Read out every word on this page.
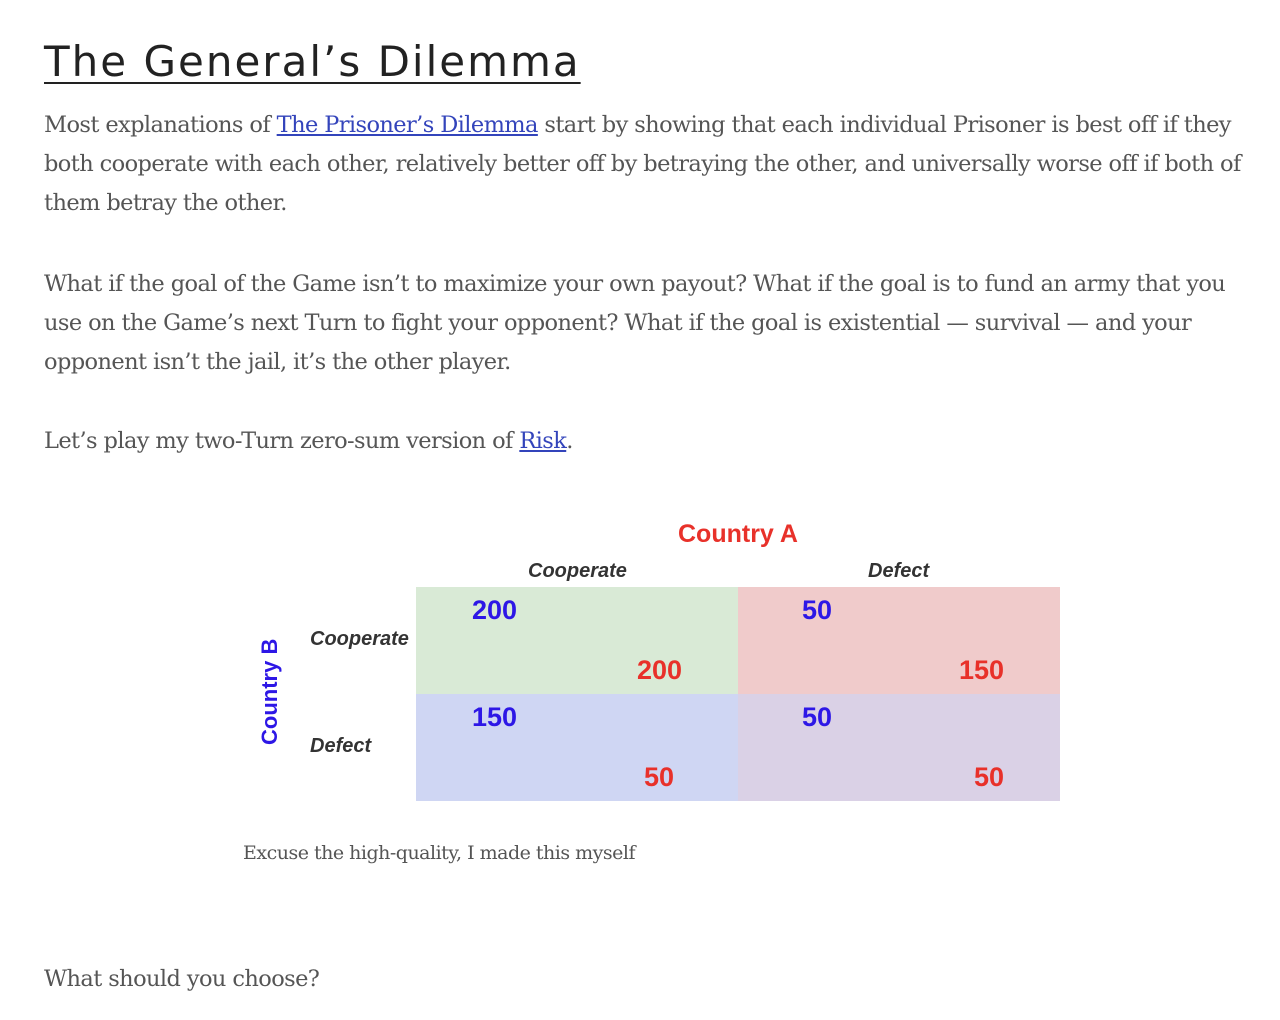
The General’s Dilemma

Most explanations of The Prisoner’s Dilemma start by showing that each individual Prisoner is best off if they both cooperate with each other, relatively better off by betraying the other, and universally worse off if both of them betray the other.

What if the goal of the Game isn’t to maximize your own payout? What if the goal is to fund an army that you use on the Game’s next Turn to fight your opponent? What if the goal is existential — survival — and your opponent isn’t the jail, it’s the other player.

Let’s play my two-Turn zero-sum version of Risk.

What should you choose?

Country A
Cooperate	Defect
Country B Cooperate
Defect
200
200
50
150
150
50
50
50
Excuse the high-quality, I made this myself
